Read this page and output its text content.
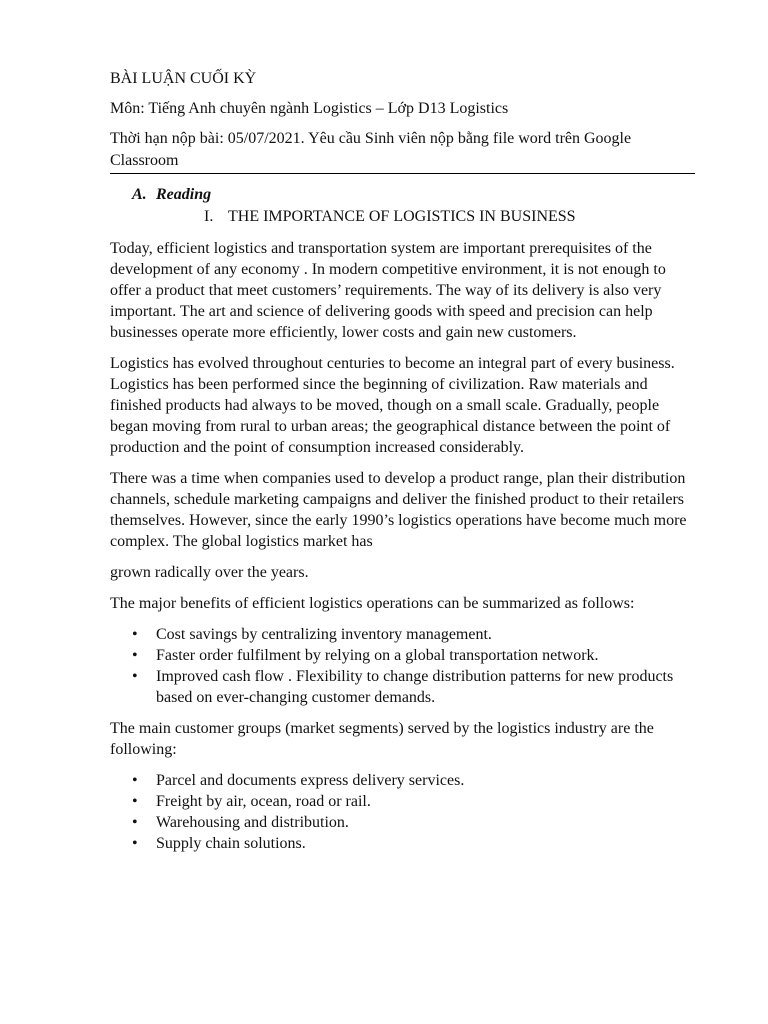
BÀI LUẬN CUỐI KỲ

Môn: Tiếng Anh chuyên ngành Logistics – Lớp D13 Logistics

Thời hạn nộp bài: 05/07/2021. Yêu cầu Sinh viên nộp bằng file word trên Google Classroom

A. Reading

I. THE IMPORTANCE OF LOGISTICS IN BUSINESS

Today, efficient logistics and transportation system are important prerequisites of the development of any economy . In modern competitive environment, it is not enough to offer a product that meet customers’ requirements. The way of its delivery is also very important. The art and science of delivering goods with speed and precision can help businesses operate more efficiently, lower costs and gain new customers.

Logistics has evolved throughout centuries to become an integral part of every business. Logistics has been performed since the beginning of civilization. Raw materials and finished products had always to be moved, though on a small scale. Gradually, people began moving from rural to urban areas; the geographical distance between the point of production and the point of consumption increased considerably.

There was a time when companies used to develop a product range, plan their distribution channels, schedule marketing campaigns and deliver the finished product to their retailers themselves. However, since the early 1990’s logistics operations have become much more complex. The global logistics market has

grown radically over the years.

The major benefits of efficient logistics operations can be summarized as follows:

• Cost savings by centralizing inventory management.
• Faster order fulfilment by relying on a global transportation network.
• Improved cash flow . Flexibility to change distribution patterns for new products based on ever-changing customer demands.

The main customer groups (market segments) served by the logistics industry are the following:

• Parcel and documents express delivery services.
• Freight by air, ocean, road or rail.
• Warehousing and distribution.
• Supply chain solutions.
